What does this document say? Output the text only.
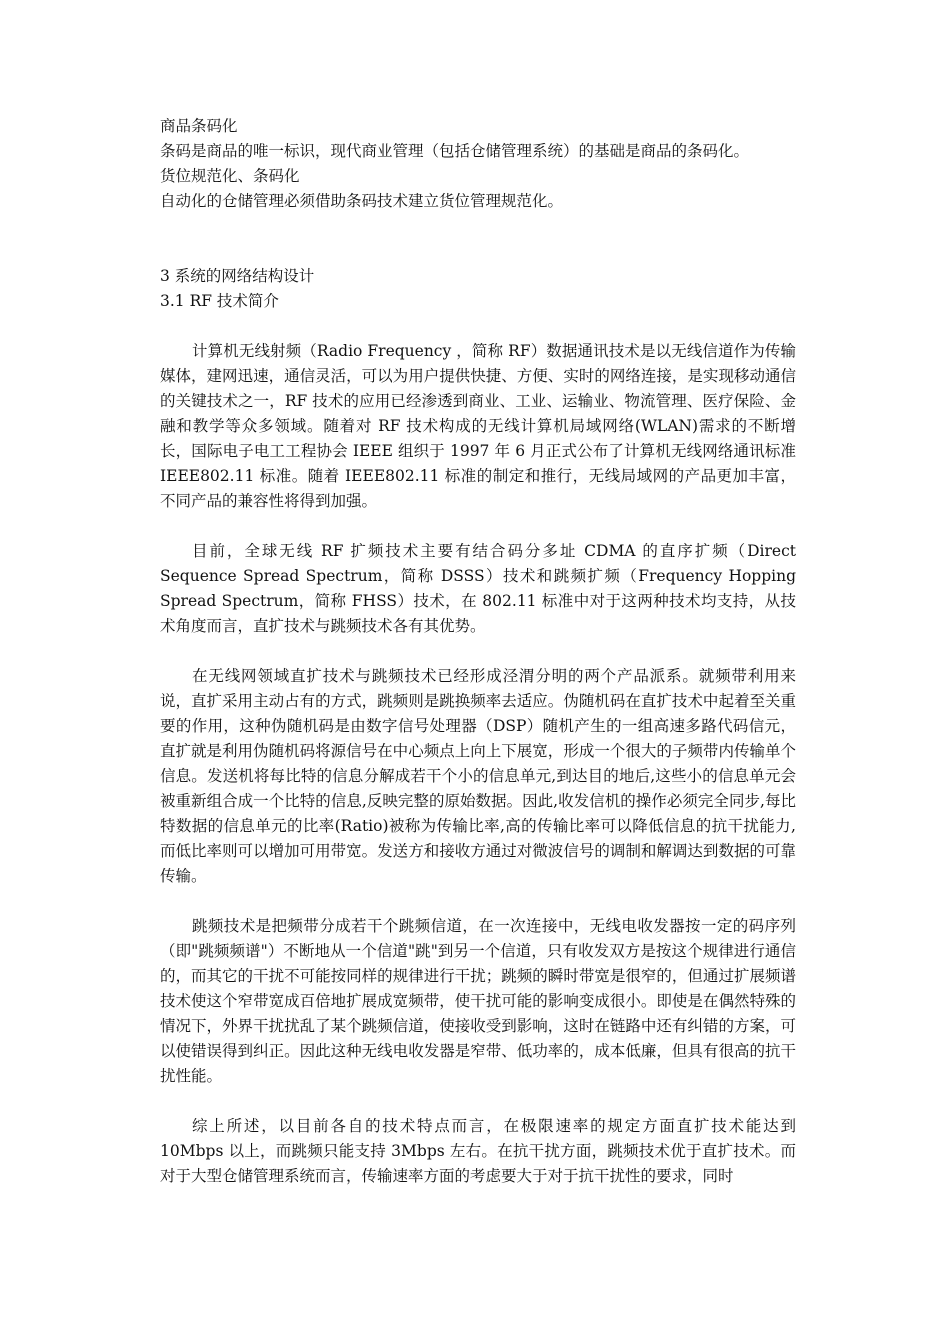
商品条码化

条码是商品的唯一标识，现代商业管理（包括仓储管理系统）的基础是商品的条码化。

货位规范化、条码化

自动化的仓储管理必须借助条码技术建立货位管理规范化。

3 系统的网络结构设计

3.1 RF 技术简介

计算机无线射频（Radio Frequency ，简称 RF）数据通讯技术是以无线信道作为传输媒体，建网迅速，通信灵活，可以为用户提供快捷、方便、实时的网络连接，是实现移动通信的关键技术之一，RF 技术的应用已经渗透到商业、工业、运输业、物流管理、医疗保险、金融和教学等众多领域。随着对 RF 技术构成的无线计算机局域网络(WLAN)需求的不断增长，国际电子电工工程协会 IEEE 组织于 1997 年 6 月正式公布了计算机无线网络通讯标准 IEEE802.11 标准。随着 IEEE802.11 标准的制定和推行，无线局域网的产品更加丰富，不同产品的兼容性将得到加强。

目前，全球无线 RF 扩频技术主要有结合码分多址 CDMA 的直序扩频（Direct Sequence Spread Spectrum，简称 DSSS）技术和跳频扩频（Frequency Hopping Spread Spectrum，简称 FHSS）技术，在 802.11 标准中对于这两种技术均支持，从技术角度而言，直扩技术与跳频技术各有其优势。

在无线网领域直扩技术与跳频技术已经形成泾渭分明的两个产品派系。就频带利用来说，直扩采用主动占有的方式，跳频则是跳换频率去适应。伪随机码在直扩技术中起着至关重要的作用，这种伪随机码是由数字信号处理器（DSP）随机产生的一组高速多路代码信元，直扩就是利用伪随机码将源信号在中心频点上向上下展宽，形成一个很大的子频带内传输单个信息。发送机将每比特的信息分解成若干个小的信息单元,到达目的地后,这些小的信息单元会被重新组合成一个比特的信息,反映完整的原始数据。因此,收发信机的操作必须完全同步,每比特数据的信息单元的比率(Ratio)被称为传输比率,高的传输比率可以降低信息的抗干扰能力,而低比率则可以增加可用带宽。发送方和接收方通过对微波信号的调制和解调达到数据的可靠传输。

跳频技术是把频带分成若干个跳频信道，在一次连接中，无线电收发器按一定的码序列（即"跳频频谱"）不断地从一个信道"跳"到另一个信道，只有收发双方是按这个规律进行通信的，而其它的干扰不可能按同样的规律进行干扰；跳频的瞬时带宽是很窄的，但通过扩展频谱技术使这个窄带宽成百倍地扩展成宽频带，使干扰可能的影响变成很小。即使是在偶然特殊的情况下，外界干扰扰乱了某个跳频信道，使接收受到影响，这时在链路中还有纠错的方案，可以使错误得到纠正。因此这种无线电收发器是窄带、低功率的，成本低廉，但具有很高的抗干扰性能。

综上所述，以目前各自的技术特点而言，在极限速率的规定方面直扩技术能达到 10Mbps 以上，而跳频只能支持 3Mbps 左右。在抗干扰方面，跳频技术优于直扩技术。而对于大型仓储管理系统而言，传输速率方面的考虑要大于对于抗干扰性的要求，同时
